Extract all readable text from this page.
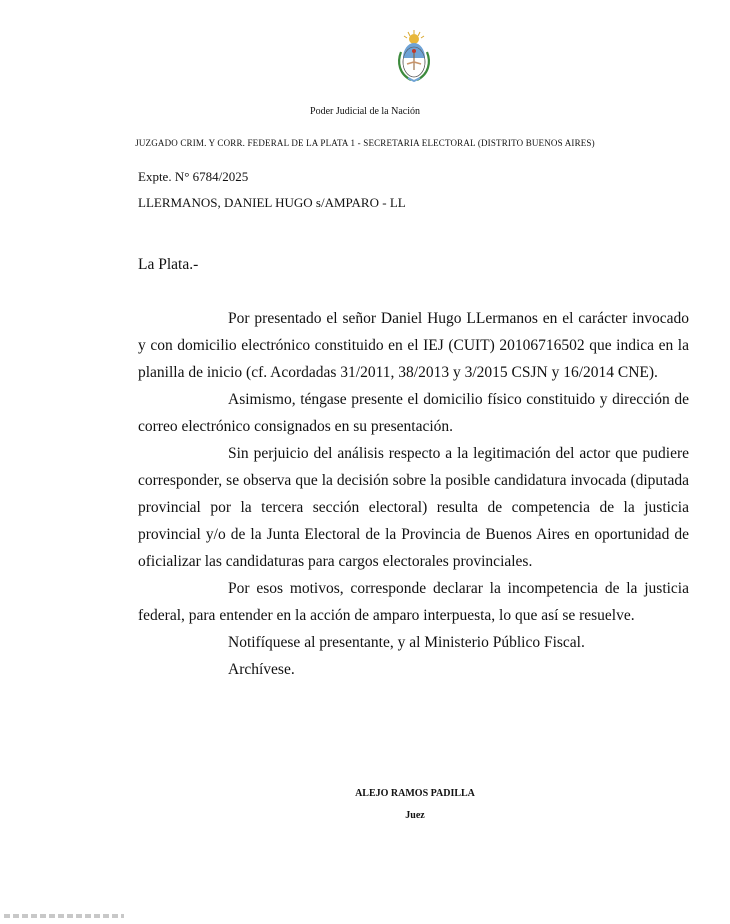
Poder Judicial de la Nación
JUZGADO CRIM. Y CORR. FEDERAL DE LA PLATA 1 - SECRETARIA ELECTORAL (DISTRITO BUENOS AIRES)
Expte. N° 6784/2025
LLERMANOS, DANIEL HUGO s/AMPARO - LL
La Plata.-

Por presentado el señor Daniel Hugo LLermanos en el carácter invocado y con domicilio electrónico constituido en el IEJ (CUIT) 20106716502 que indica en la planilla de inicio (cf. Acordadas 31/2011, 38/2013 y 3/2015 CSJN y 16/2014 CNE).

Asimismo, téngase presente el domicilio físico constituido y dirección de correo electrónico consignados en su presentación.

Sin perjuicio del análisis respecto a la legitimación del actor que pudiere corresponder, se observa que la decisión sobre la posible candidatura invocada (diputada provincial por la tercera sección electoral) resulta de competencia de la justicia provincial y/o de la Junta Electoral de la Provincia de Buenos Aires en oportunidad de oficializar las candidaturas para cargos electorales provinciales.

Por esos motivos, corresponde declarar la incompetencia de la justicia federal, para entender en la acción de amparo interpuesta, lo que así se resuelve.

Notifíquese al presentante, y al Ministerio Público Fiscal.

Archívese.

ALEJO RAMOS PADILLA
Juez
